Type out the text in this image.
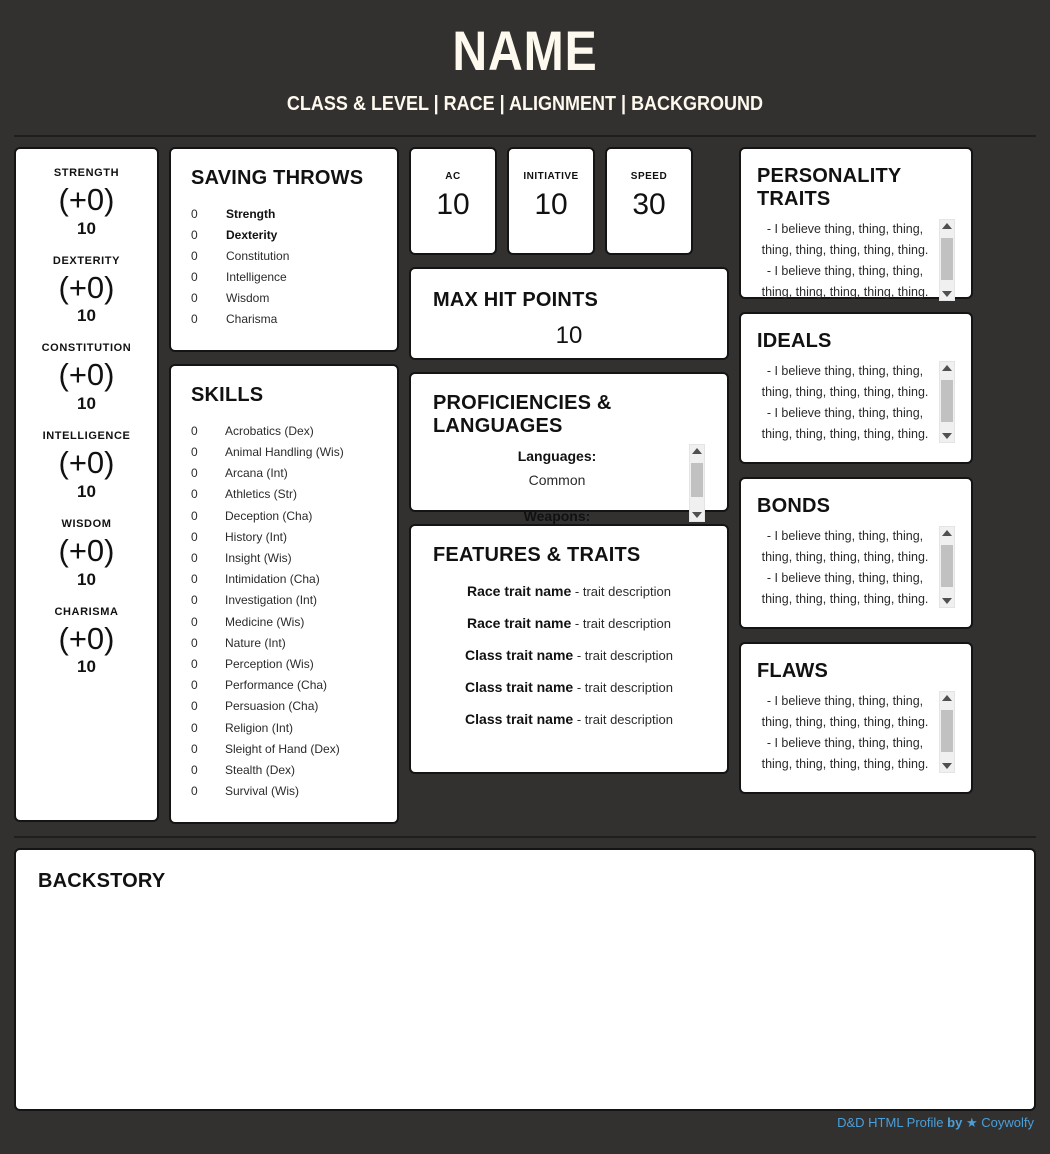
NAME
CLASS & LEVEL | RACE | ALIGNMENT | BACKGROUND
STRENGTH
(+0)
10
DEXTERITY
(+0)
10
CONSTITUTION
(+0)
10
INTELLIGENCE
(+0)
10
WISDOM
(+0)
10
CHARISMA
(+0)
10
SAVING THROWS
0	Strength
0	Dexterity
0	Constitution
0	Intelligence
0	Wisdom
0	Charisma
SKILLS
0	Acrobatics (Dex)
0	Animal Handling (Wis)
0	Arcana (Int)
0	Athletics (Str)
0	Deception (Cha)
0	History (Int)
0	Insight (Wis)
0	Intimidation (Cha)
0	Investigation (Int)
0	Medicine (Wis)
0	Nature (Int)
0	Perception (Wis)
0	Performance (Cha)
0	Persuasion (Cha)
0	Religion (Int)
0	Sleight of Hand (Dex)
0	Stealth (Dex)
0	Survival (Wis)
AC
10
INITIATIVE
10
SPEED
30
MAX HIT POINTS
10
PROFICIENCIES & LANGUAGES
Languages:
Common
Weapons:
FEATURES & TRAITS
Race trait name - trait description
Race trait name - trait description
Class trait name - trait description
Class trait name - trait description
Class trait name - trait description
PERSONALITY TRAITS
- I believe thing, thing, thing,
thing, thing, thing, thing, thing.
- I believe thing, thing, thing,
thing, thing, thing, thing, thing.
IDEALS
- I believe thing, thing, thing,
thing, thing, thing, thing, thing.
- I believe thing, thing, thing,
thing, thing, thing, thing, thing.
BONDS
- I believe thing, thing, thing,
thing, thing, thing, thing, thing.
- I believe thing, thing, thing,
thing, thing, thing, thing, thing.
FLAWS
- I believe thing, thing, thing,
thing, thing, thing, thing, thing.
- I believe thing, thing, thing,
thing, thing, thing, thing, thing.
BACKSTORY
D&D HTML Profile by ★ Coywolfy
